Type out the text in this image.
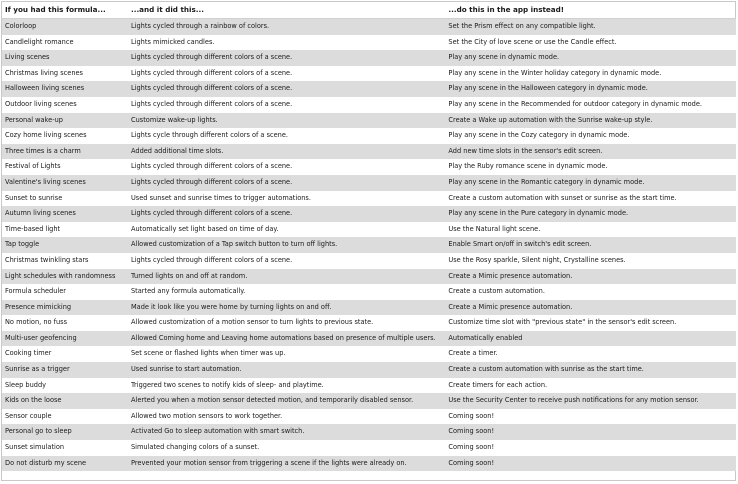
If you had this formula...	...and it did this...	...do this in the app instead!
Colorloop	Lights cycled through a rainbow of colors.	Set the Prism effect on any compatible light.
Candlelight romance	Lights mimicked candles.	Set the City of love scene or use the Candle effect.
Living scenes	Lights cycled through different colors of a scene.	Play any scene in dynamic mode.
Christmas living scenes	Lights cycled through different colors of a scene.	Play any scene in the Winter holiday category in dynamic mode.
Halloween living scenes	Lights cycled through different colors of a scene.	Play any scene in the Halloween category in dynamic mode.
Outdoor living scenes	Lights cycled through different colors of a scene.	Play any scene in the Recommended for outdoor category in dynamic mode.
Personal wake-up	Customize wake-up lights.	Create a Wake up automation with the Sunrise wake-up style.
Cozy home living scenes	Lights cycle through different colors of a scene.	Play any scene in the Cozy category in dynamic mode.
Three times is a charm	Added additional time slots.	Add new time slots in the sensor's edit screen.
Festival of Lights	Lights cycled through different colors of a scene.	Play the Ruby romance scene in dynamic mode.
Valentine's living scenes	Lights cycled through different colors of a scene.	Play any scene in the Romantic category in dynamic mode.
Sunset to sunrise	Used sunset and sunrise times to trigger automations.	Create a custom automation with sunset or sunrise as the start time.
Autumn living scenes	Lights cycled through different colors of a scene.	Play any scene in the Pure category in dynamic mode.
Time-based light	Automatically set light based on time of day.	Use the Natural light scene.
Tap toggle	Allowed customization of a Tap switch button to turn off lights.	Enable Smart on/off in switch's edit screen.
Christmas twinkling stars	Lights cycled through different colors of a scene.	Use the Rosy sparkle, Silent night, Crystalline scenes.
Light schedules with randomness	Turned lights on and off at random.	Create a Mimic presence automation.
Formula scheduler	Started any formula automatically.	Create a custom automation.
Presence mimicking	Made it look like you were home by turning lights on and off.	Create a Mimic presence automation.
No motion, no fuss	Allowed customization of a motion sensor to turn lights to previous state.	Customize time slot with "previous state" in the sensor's edit screen.
Multi-user geofencing	Allowed Coming home and Leaving home automations based on presence of multiple users.	Automatically enabled
Cooking timer	Set scene or flashed lights when timer was up.	Create a timer.
Sunrise as a trigger	Used sunrise to start automation.	Create a custom automation with sunrise as the start time.
Sleep buddy	Triggered two scenes to notify kids of sleep- and playtime.	Create timers for each action.
Kids on the loose	Alerted you when a motion sensor detected motion, and temporarily disabled sensor.	Use the Security Center to receive push notifications for any motion sensor.
Sensor couple	Allowed two motion sensors to work together.	Coming soon!
Personal go to sleep	Activated Go to sleep automation with smart switch.	Coming soon!
Sunset simulation	Simulated changing colors of a sunset.	Coming soon!
Do not disturb my scene	Prevented your motion sensor from triggering a scene if the lights were already on.	Coming soon!
